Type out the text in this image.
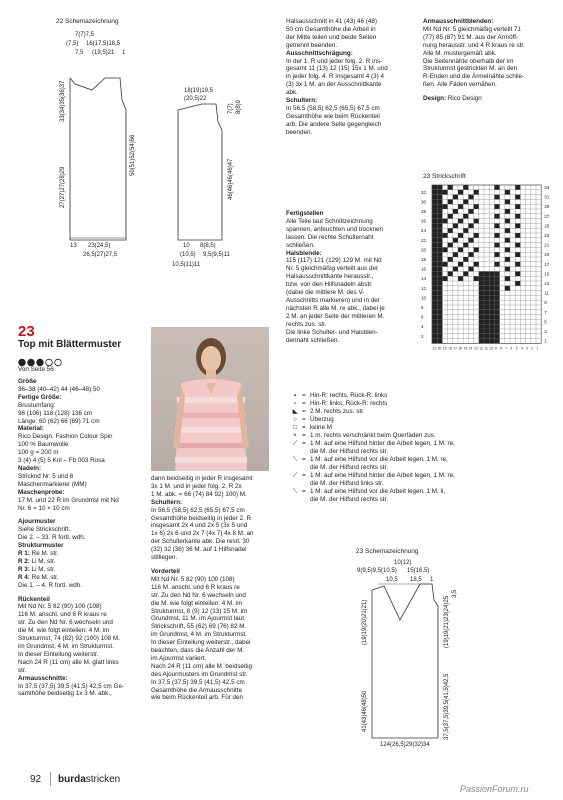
22 Schemazeichnung
7(7)7,5
(7,5) 16(17,5)18,5
7,5 (19,5)21 1
33(34)35(36)37
27(27)27(28)29
50(51)52(54)56
13 23(24,5)
26,5(27)27,5
18(19)19,5
(20,5)22
7(7) 8(8)9
46(46)46(46)47
10 8(8,5)
(10,5) 9,5(9,5)11
10,5(11)11
23
Top mit Blättermuster
Von Seite 56

Größe

36–38 (40–42) 44 (46–48) 50

Fertige Größe:

Brustumfang:

96 (106) 118 (128) 136 cm

Länge: 60 (62) 66 (69) 71 cm

Material:

Rico Design, Fashion Colour Spin

100 % Baumwolle

100 g = 200 m

3 (4) 4 (5) 5 Knl – Fb 003 Rosa

Nadeln:

Stricknd Nr. 5 und 6

Maschenmarkierer (MM)

Maschenprobe:

17 M. und 22 R im Grundmst mit Nd

Nr. 6 = 10 × 10 cm

Ajourmuster

Siehe Strickschrift.

Die 2. – 33. R fortl. wdh.

Strukturmuster

R 1: Re M. str.

R 2: Li M. str.

R 3: Li M. str.

R 4: Re M. str.

Die 1. – 4. R fortl. wdh.

Rückenteil

Mit Nd Nr. 5 82 (90) 100 (108)

116 M. anschl. und 6 R kraus re

str. Zu den Nd Nr. 6 wechseln und

die M. wie folgt einteilen: 4 M. im

Strukturmst, 74 (82) 92 (100) 108 M.

im Grundmst, 4 M. im Strukturmst.

In dieser Einteilung weiterstr.

Nach 24 R (11 cm) alle M. glatt links

str.

Armausschnitte:

In 37,5 (37,5) 39,5 (41,5) 42,5 cm Ge-

samthöhe beidseitig 1x 3 M. abk.,

dann beidseitig in jeder R insgesamt

3x 1 M. und in jeder folg. 2. R 2x

1 M. abk. = 66 (74) 84 92) 100) M.

Schultern:

In 56,5 (58,5) 62,5 (65,5) 67,5 cm

Gesamthöhe beidseitig in jeder 2. R

insgesamt 2x 4 und 2x 5 (3x 5 und

1x 6) 2x 6 und 2x 7 (4x 7) 4x 8 M. an

der Schulterkante abk. Die restl. 30

(32) 32 (36) 36 M. auf 1 Hilfsnadel

stilllegen.

Vorderteil

Mit Nd Nr. 5 82 (90) 100 (108)

116 M. anschl. und 6 R kraus re

str. Zu den Nd Nr. 6 wechseln und

die M. wie folgt einteilen: 4 M. im

Strukturmst, 8 (9) 12 (13) 15 M. im

Grundmst, 11 M. im Ajourmst laut

Strickschrift, 55 (62) 69 (76) 82 M.

im Grundmst, 4 M. im Strukturmst.

In dieser Einteilung weiterstr., dabei

beachten, dass die Anzahl der M.

im Ajourmst variiert.

Nach 24 R (11 cm) alle M. beidseitig

des Ajourmusters im Grundmst str.

In 37,5 (37,5) 39,5 (41,5) 42,5 cm

Gesamthöhe die Armausschnitte

wie beim Rückenteil arb. Für den

Halsausschnitt in 41 (43) 46 (48)

50 cm Gesamthöhe die Arbeit in

der Mitte teilen und beide Seiten

getrennt beenden.

Ausschnittschrägung:

In der 1. R und jeder folg. 2. R ins-

gesamt 11 (13) 12 (15) 15x 1 M. und

in jeder folg. 4. R insgesamt 4 (3) 4

(3) 3x 1 M. an der Ausschnittkante

abk.

Schultern:

In 56,5 (58,5) 62,5 (65,5) 67,5 cm

Gesamthöhe wie beim Rückenteil

arb. Die andere Seite gegengleich

beenden.

Fertigstellen

Alle Teile laut Schnittzeichnung

spannen, anfeuchten und trocknen

lassen. Die rechte Schulternaht

schließen.

Halsblende:

115 (117) 121 (129) 129 M. mit Nd

Nr. 5 gleichmäßig verteilt aus der

Halsausschnittkante herausstr.,

bzw. von den Hilfsnadeln abstr.

(dabei die mittlere M. des V-

Ausschnitts markieren) und in der

nächsten R alle M. re abk., dabei je

2 M. an jeder Seite der mittleren M.

rechts zus. str.

Die linke Schulter- und Halsblen-

dennaht schließen.

Armausschnittblenden:

Mit Nd Nr. 5 gleichmäßig verteilt 71

(77) 85 (87) 91 M. aus der Armöff-

nung herausstr. und 4 R kraus re str.

Alle M. mustergemäß abk.

Die Seitennähte oberhalb der im

Strukturmst gestrickten M. an den

R-Enden und die Ärmelnähte schlie-

ßen. Alle Fäden vernähen.

Design: Rico Design

23 Strickschrift
32
30
28
26
24
22
20
18
16
14
12
10
8
6
4
2
33
31
29
27
25
23
21
19
17
15
13
11
9
7
5
3
1
21 20 19 18 17 16 15 14 13 12 11 10 9 8 7 6 5 4 3 2 1
▪ = Hin-R: rechts, Rück-R: links
▫ = Hin-R: links, Rück-R: rechts
◣ = 2 M. rechts zus. str.
○ = Überzug
□ = keine M
× = 1 m. rechts verschränkt beim Querfaden zus.
⟋ = 1 M. auf eine Hilfsnd hinter die Arbeit legen, 1 M. re,
die M. der Hilfsnd rechts str.
⟍ = 1 M. auf eine Hilfsnd vor die Arbeit legen, 1 M. re,
die M. der Hilfsnd rechts str.
⟋ = 1 M. auf eine Hilfsnd hinter die Arbeit legen, 1 M. re,
die M. der Hilfsnd links str.
⟍ = 1 M. auf eine Hilfsnd vor die Arbeit legen, 1 M. li,
die M. der Hilfsnd rechts str.
23 Schemazeichnung
10(12)
9(9,5)9,5(10,5) 15(16,5)
10,5 18,5 1
(19)19(20)21(21)
41(43)46(48)50
(19)19(21)23(24)25
37,5(37,5)39,5(41,5)42,5
3,5
124(26,5)29(32)34
92 burdastricken
PassionForum.ru
